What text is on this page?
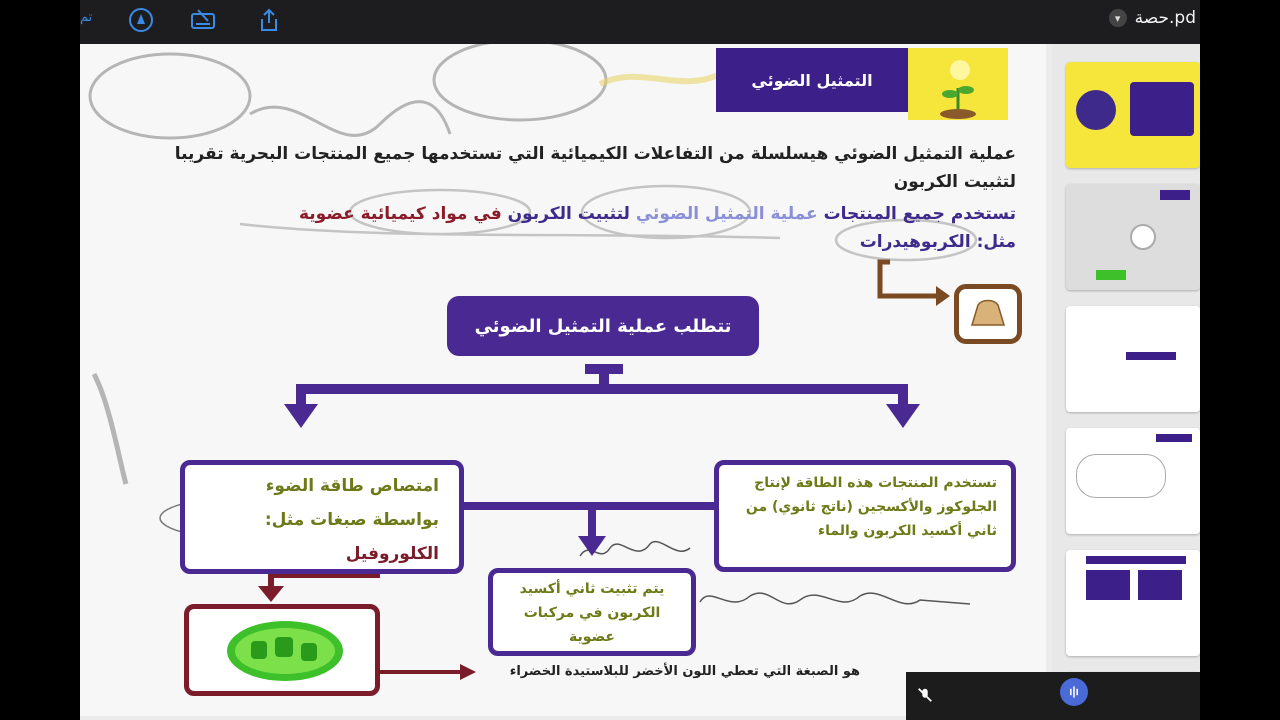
تم	▾ حصة.pd
التمثيل الضوئي
عملية التمثيل الضوئي هيسلسلة من التفاعلات الكيميائية التي تستخدمها جميع المنتجات البحرية تقريبا لتثبيت الكربون
تستخدم جميع المنتجات عملية التمثيل الضوئي لتثبيت الكربون في مواد كيميائية عضوية
مثل: الكربوهيدرات
تتطلب عملية التمثيل الضوئي
تستخدم المنتجات هذه الطاقة لإنتاج الجلوكوز والأكسجين (ناتج ثانوي) من ثاني أكسيد الكربون والماء
امتصاص طاقة الضوء
بواسطة صبغات مثل:
الكلوروفيل
يتم تثبيت ثاني أكسيد الكربون في مركبات عضوية
هو الصبغة التي تعطي اللون الأخضر للبلاستيدة الخضراء
